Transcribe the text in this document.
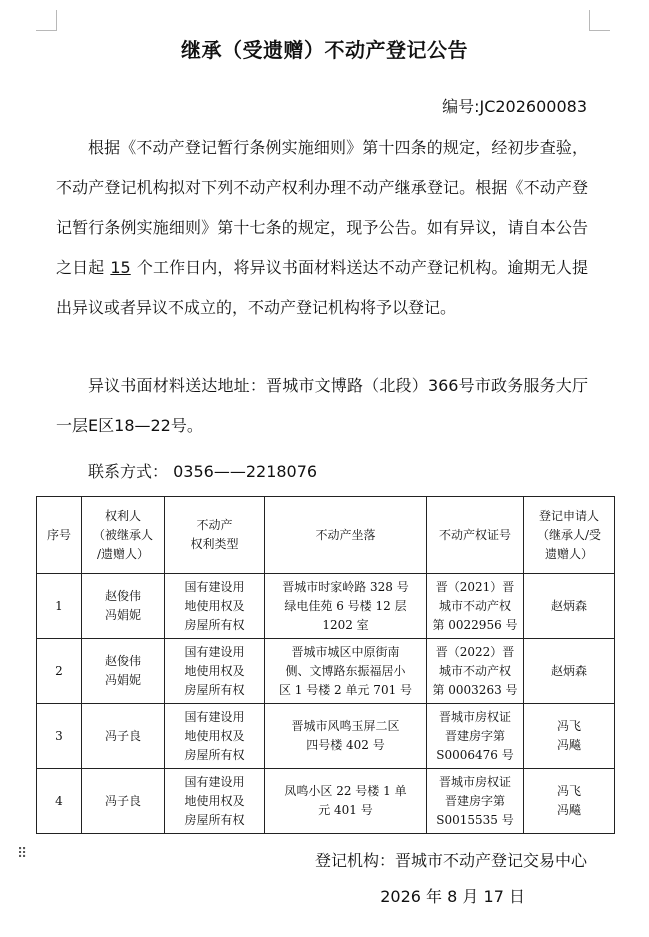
继承（受遗赠）不动产登记公告
编号:JC202600083

根据《不动产登记暂行条例实施细则》第十四条的规定，经初步查验，不动产登记机构拟对下列不动产权利办理不动产继承登记。根据《不动产登记暂行条例实施细则》第十七条的规定，现予公告。如有异议，请自本公告之日起 15 个工作日内，将异议书面材料送达不动产登记机构。逾期无人提出异议或者异议不成立的，不动产登记机构将予以登记。

异议书面材料送达地址：晋城市文博路（北段）366号市政务服务大厅一层E区18—22号。

联系方式： 0356——2218076

序号	权利人
（被继承人
/遗赠人）	不动产
权利类型	不动产坐落	不动产权证号	登记申请人
（继承人/受
遗赠人）
1	赵俊伟
冯娟妮	国有建设用
地使用权及
房屋所有权	晋城市时家岭路 328 号
绿电佳苑 6 号楼 12 层
1202 室	晋（2021）晋
城市不动产权
第 0022956 号	赵炳森
2	赵俊伟
冯娟妮	国有建设用
地使用权及
房屋所有权	晋城市城区中原街南
侧、文博路东振福居小
区 1 号楼 2 单元 701 号	晋（2022）晋
城市不动产权
第 0003263 号	赵炳森
3	冯子良	国有建设用
地使用权及
房屋所有权	晋城市风鸣玉屏二区
四号楼 402 号	晋城市房权证
晋建房字第
S0006476 号	冯飞
冯飚
4	冯子良	国有建设用
地使用权及
房屋所有权	凤鸣小区 22 号楼 1 单
元 401 号	晋城市房权证
晋建房字第
S0015535 号	冯飞
冯飚
⠿	登记机构：晋城市不动产登记交易中心
2026 年 8 月 17 日
